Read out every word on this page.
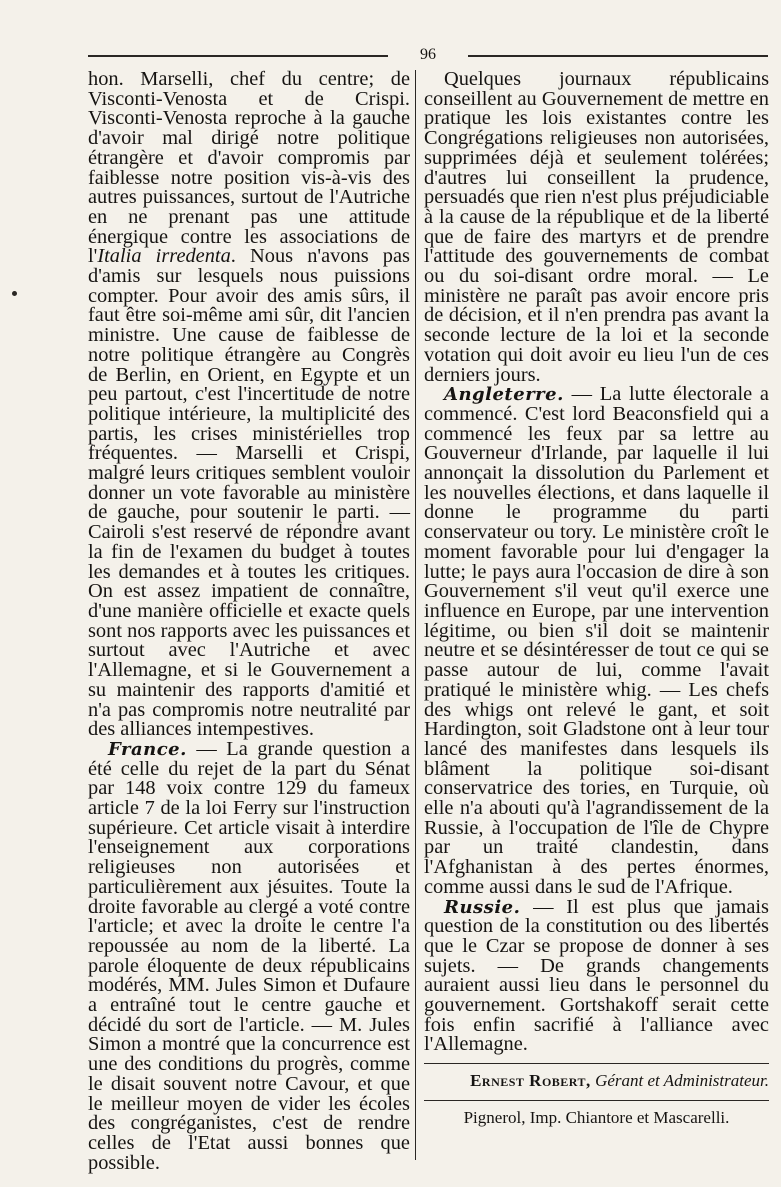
96

hon. Marselli, chef du centre; de Visconti-Venosta et de Crispi. Visconti-Venosta reproche à la gauche d'avoir mal dirigé notre politique étrangère et d'avoir compromis par faiblesse notre position vis-à-vis des autres puissances, surtout de l'Autriche en ne prenant pas une attitude énergique contre les associations de l'Italia irredenta. Nous n'avons pas d'amis sur lesquels nous puissions compter. Pour avoir des amis sûrs, il faut être soi-même ami sûr, dit l'ancien ministre. Une cause de faiblesse de notre politique étrangère au Congrès de Berlin, en Orient, en Egypte et un peu partout, c'est l'incertitude de notre politique intérieure, la multiplicité des partis, les crises ministérielles trop fréquentes. — Marselli et Crispi, malgré leurs critiques semblent vouloir donner un vote favorable au ministère de gauche, pour soutenir le parti. — Cairoli s'est reservé de répondre avant la fin de l'examen du budget à toutes les demandes et à toutes les critiques. On est assez impatient de connaître, d'une manière officielle et exacte quels sont nos rapports avec les puissances et surtout avec l'Autriche et avec l'Allemagne, et si le Gouvernement a su maintenir des rapports d'amitié et n'a pas compromis notre neutralité par des alliances intempestives.

France. — La grande question a été celle du rejet de la part du Sénat par 148 voix contre 129 du fameux article 7 de la loi Ferry sur l'instruction supérieure. Cet article visait à interdire l'enseignement aux corporations religieuses non autorisées et particulièrement aux jésuites. Toute la droite favorable au clergé a voté contre l'article; et avec la droite le centre l'a repoussée au nom de la liberté. La parole éloquente de deux républicains modérés, MM. Jules Simon et Dufaure a entraîné tout le centre gauche et décidé du sort de l'article. — M. Jules Simon a montré que la concurrence est une des conditions du progrès, comme le disait souvent notre Cavour, et que le meilleur moyen de vider les écoles des congréganistes, c'est de rendre celles de l'Etat aussi bonnes que possible.

Quelques journaux républicains conseillent au Gouvernement de mettre en pratique les lois existantes contre les Congrégations religieuses non autorisées, supprimées déjà et seulement tolérées; d'autres lui conseillent la prudence, persuadés que rien n'est plus préjudiciable à la cause de la république et de la liberté que de faire des martyrs et de prendre l'attitude des gouvernements de combat ou du soi-disant ordre moral. — Le ministère ne paraît pas avoir encore pris de décision, et il n'en prendra pas avant la seconde lecture de la loi et la seconde votation qui doit avoir eu lieu l'un de ces derniers jours.

Angleterre. — La lutte électorale a commencé. C'est lord Beaconsfield qui a commencé les feux par sa lettre au Gouverneur d'Irlande, par laquelle il lui annonçait la dissolution du Parlement et les nouvelles élections, et dans laquelle il donne le programme du parti conservateur ou tory. Le ministère croît le moment favorable pour lui d'engager la lutte; le pays aura l'occasion de dire à son Gouvernement s'il veut qu'il exerce une influence en Europe, par une intervention légitime, ou bien s'il doit se maintenir neutre et se désintéresser de tout ce qui se passe autour de lui, comme l'avait pratiqué le ministère whig. — Les chefs des whigs ont relevé le gant, et soit Hardington, soit Gladstone ont à leur tour lancé des manifestes dans lesquels ils blâment la politique soi-disant conservatrice des tories, en Turquie, où elle n'a abouti qu'à l'agrandissement de la Russie, à l'occupation de l'île de Chypre par un traité clandestin, dans l'Afghanistan à des pertes énormes, comme aussi dans le sud de l'Afrique.

Russie. — Il est plus que jamais question de la constitution ou des libertés que le Czar se propose de donner à ses sujets. — De grands changements auraient aussi lieu dans le personnel du gouvernement. Gortshakoff serait cette fois enfin sacrifié à l'alliance avec l'Allemagne.

Ernest Robert, Gérant et Administrateur.

Pignerol, Imp. Chiantore et Mascarelli.
